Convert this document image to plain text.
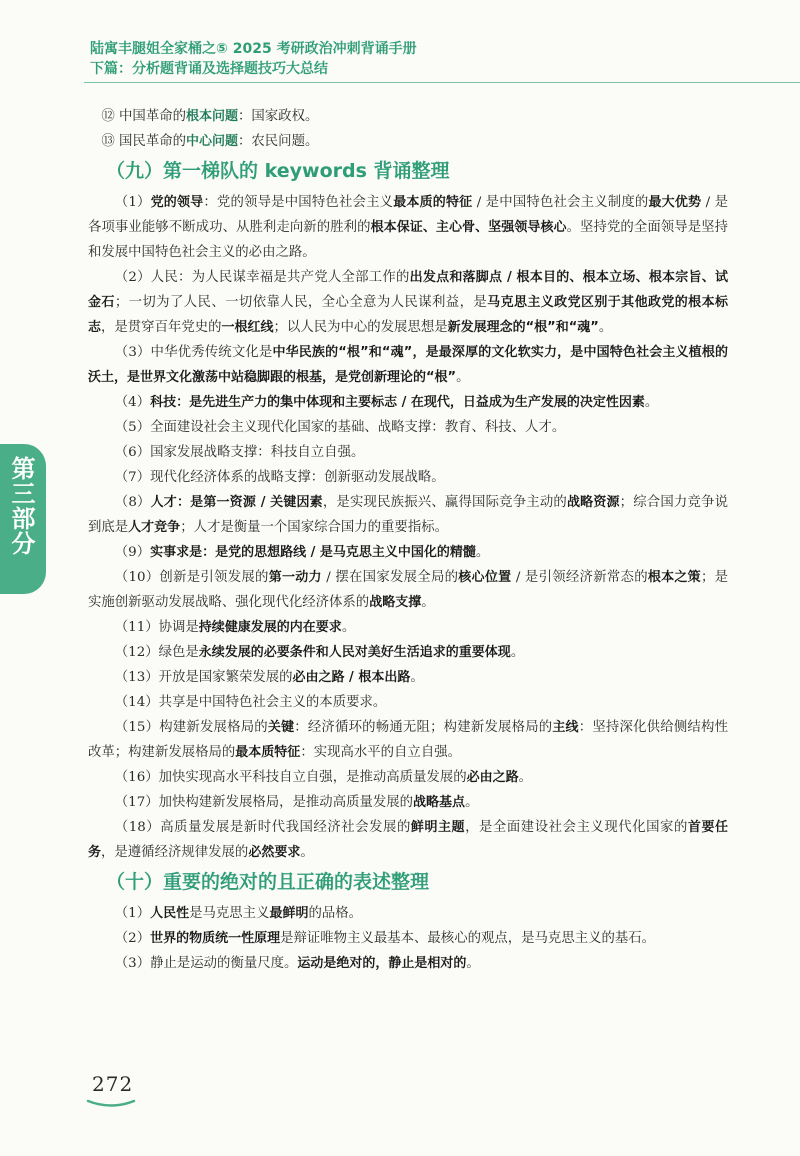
陆寓丰腿姐全家桶之⑤ 2025 考研政治冲刺背诵手册
下篇：分析题背诵及选择题技巧大总结
第三部分

⑫ 中国革命的根本问题：国家政权。

⑬ 国民革命的中心问题：农民问题。

（九）第一梯队的 keywords 背诵整理

（1）党的领导：党的领导是中国特色社会主义最本质的特征 / 是中国特色社会主义制度的最大优势 / 是各项事业能够不断成功、从胜利走向新的胜利的根本保证、主心骨、坚强领导核心。坚持党的全面领导是坚持和发展中国特色社会主义的必由之路。

（2）人民：为人民谋幸福是共产党人全部工作的出发点和落脚点 / 根本目的、根本立场、根本宗旨、试金石；一切为了人民、一切依靠人民，全心全意为人民谋利益，是马克思主义政党区别于其他政党的根本标志，是贯穿百年党史的一根红线；以人民为中心的发展思想是新发展理念的“根”和“魂”。

（3）中华优秀传统文化是中华民族的“根”和“魂”，是最深厚的文化软实力，是中国特色社会主义植根的沃土，是世界文化激荡中站稳脚跟的根基，是党创新理论的“根”。

（4）科技：是先进生产力的集中体现和主要标志 / 在现代，日益成为生产发展的决定性因素。

（5）全面建设社会主义现代化国家的基础、战略支撑：教育、科技、人才。

（6）国家发展战略支撑：科技自立自强。

（7）现代化经济体系的战略支撑：创新驱动发展战略。

（8）人才：是第一资源 / 关键因素，是实现民族振兴、赢得国际竞争主动的战略资源；综合国力竞争说到底是人才竞争；人才是衡量一个国家综合国力的重要指标。

（9）实事求是：是党的思想路线 / 是马克思主义中国化的精髓。

（10）创新是引领发展的第一动力 / 摆在国家发展全局的核心位置 / 是引领经济新常态的根本之策；是实施创新驱动发展战略、强化现代化经济体系的战略支撑。

（11）协调是持续健康发展的内在要求。

（12）绿色是永续发展的必要条件和人民对美好生活追求的重要体现。

（13）开放是国家繁荣发展的必由之路 / 根本出路。

（14）共享是中国特色社会主义的本质要求。

（15）构建新发展格局的关键：经济循环的畅通无阻；构建新发展格局的主线：坚持深化供给侧结构性改革；构建新发展格局的最本质特征：实现高水平的自立自强。

（16）加快实现高水平科技自立自强，是推动高质量发展的必由之路。

（17）加快构建新发展格局，是推动高质量发展的战略基点。

（18）高质量发展是新时代我国经济社会发展的鲜明主题，是全面建设社会主义现代化国家的首要任务，是遵循经济规律发展的必然要求。

（十）重要的绝对的且正确的表述整理

（1）人民性是马克思主义最鲜明的品格。

（2）世界的物质统一性原理是辩证唯物主义最基本、最核心的观点，是马克思主义的基石。

（3）静止是运动的衡量尺度。运动是绝对的，静止是相对的。

272
